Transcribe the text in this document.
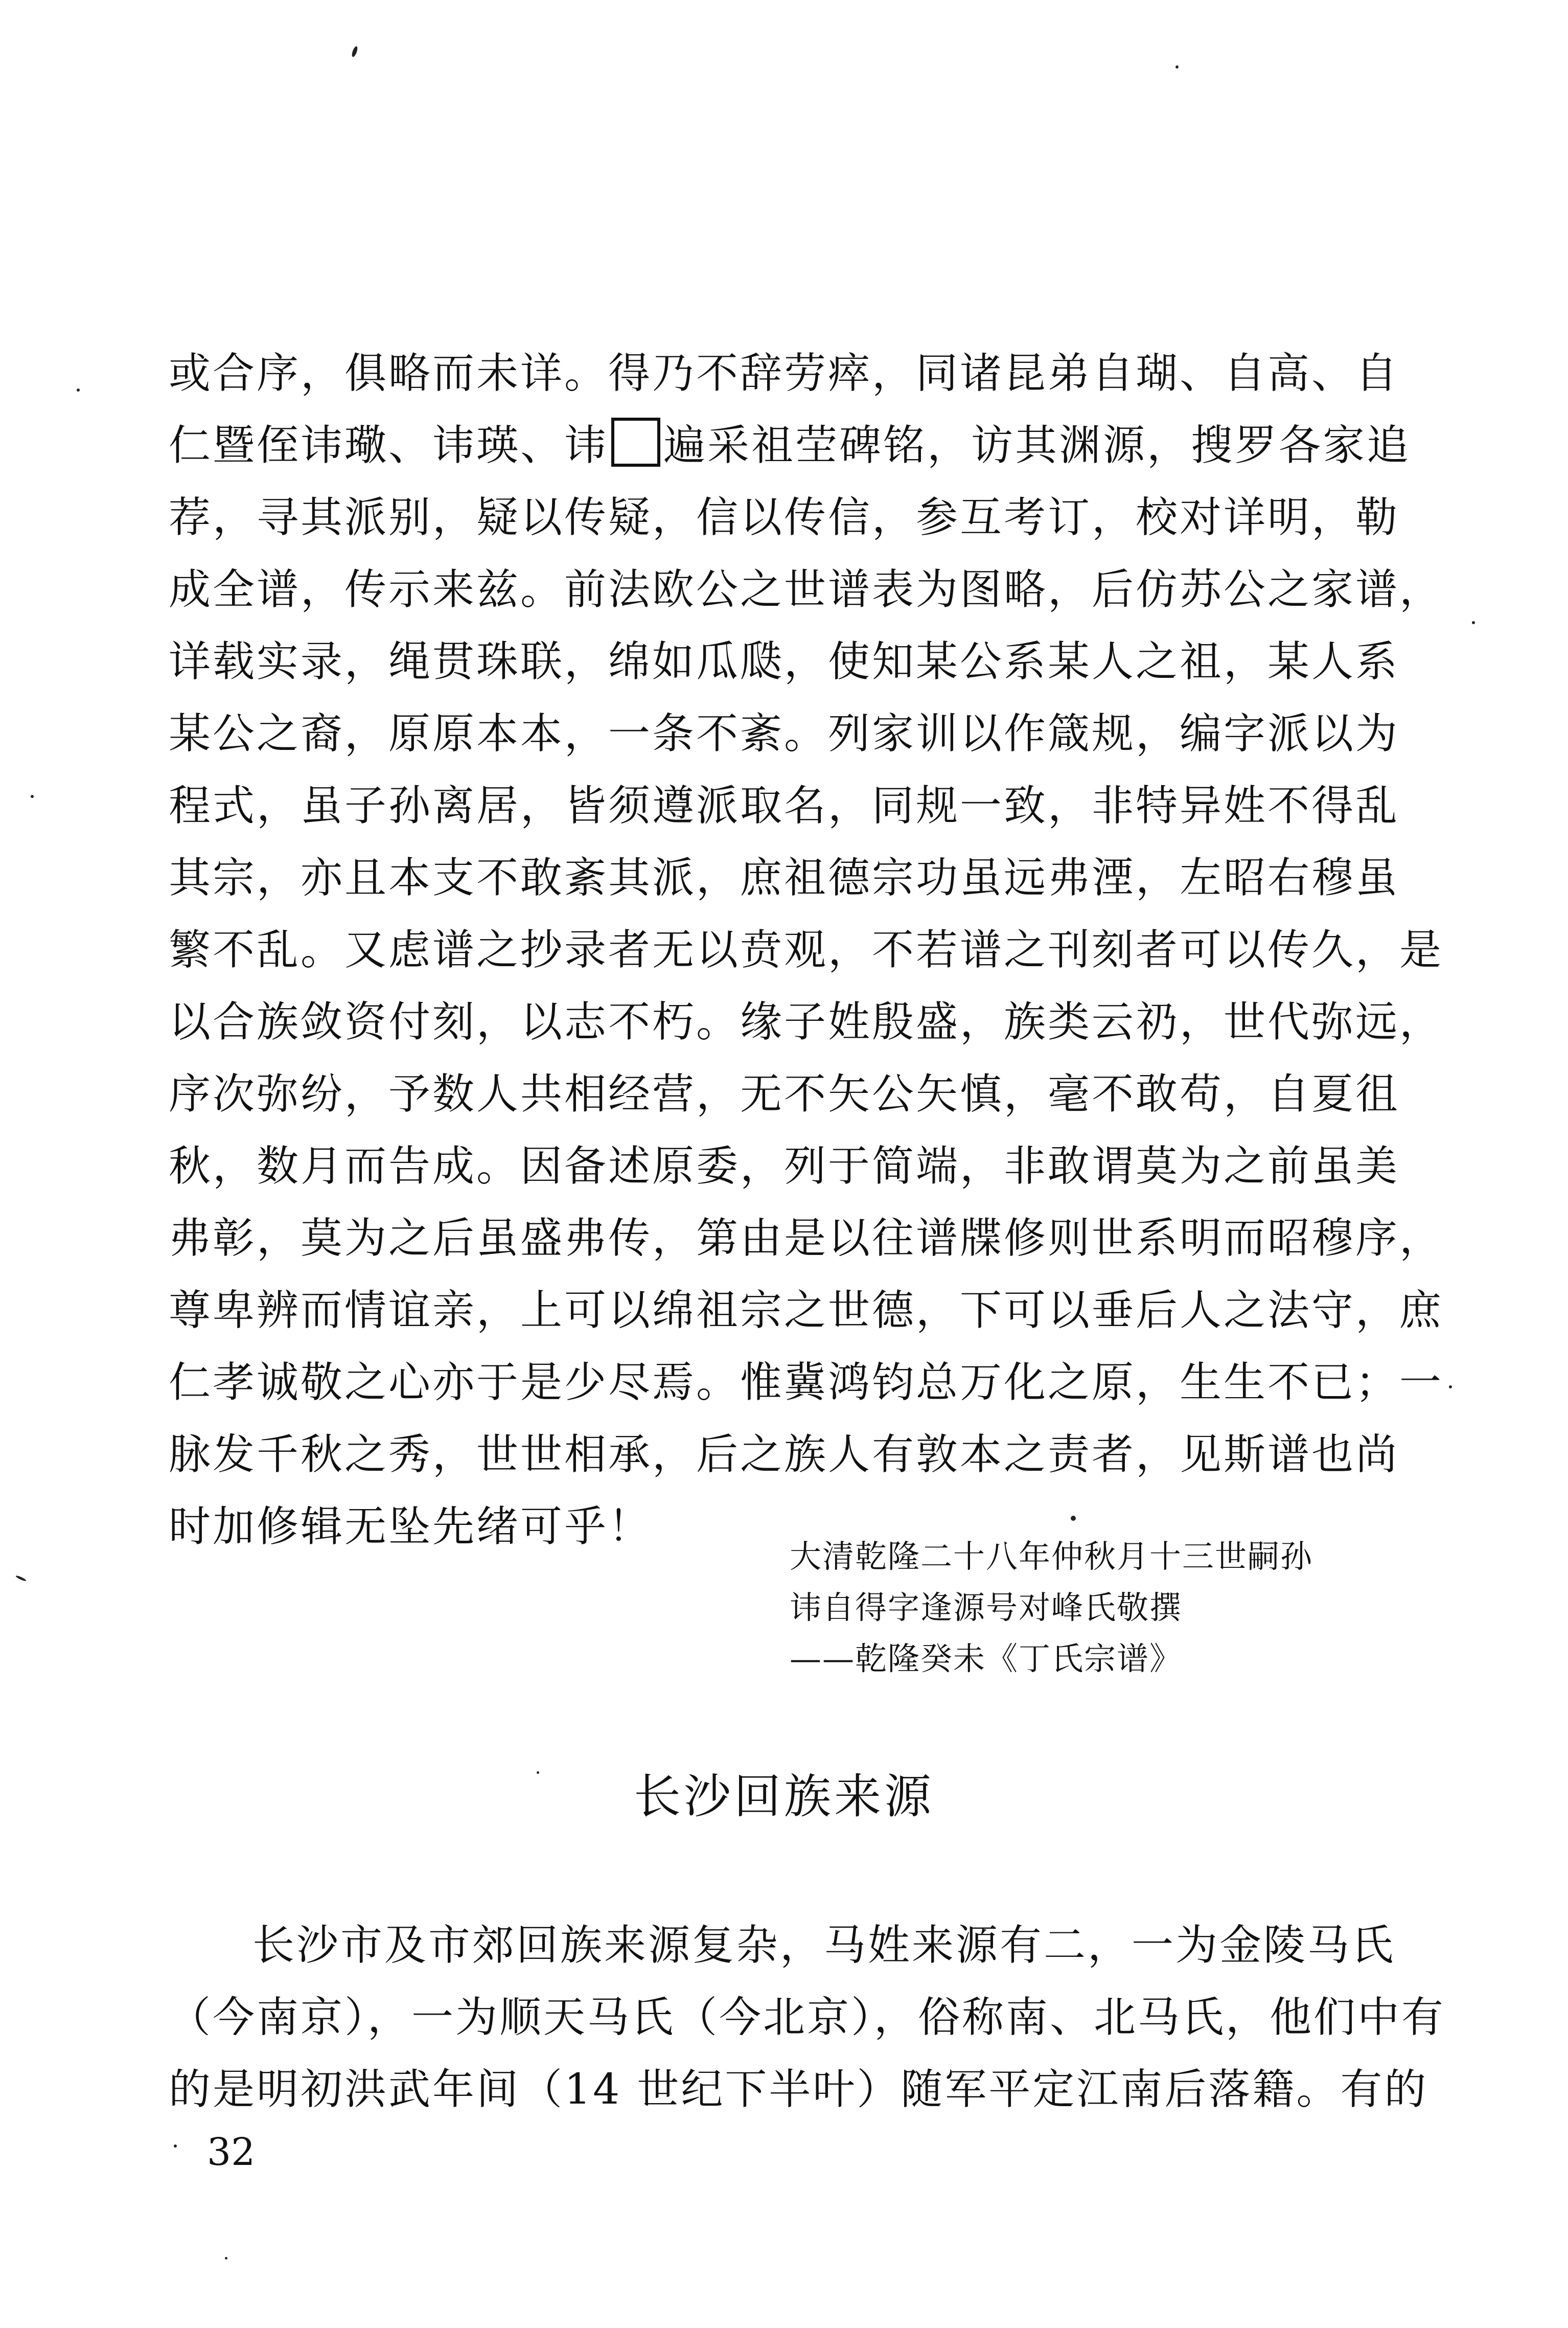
或合序，俱略而未详。得乃不辞劳瘁，同诸昆弟自瑚、自高、自
仁暨侄讳璥、讳瑛、讳 遍采祖茔碑铭，访其渊源，搜罗各家追
荐，寻其派别，疑以传疑，信以传信，参互考订，校对详明，勒
成全谱，传示来兹。前法欧公之世谱表为图略，后仿苏公之家谱，
详载实录，绳贯珠联，绵如瓜瓞，使知某公系某人之祖，某人系
某公之裔，原原本本，一条不紊。列家训以作箴规，编字派以为
程式，虽子孙离居，皆须遵派取名，同规一致，非特异姓不得乱
其宗，亦且本支不敢紊其派，庶祖德宗功虽远弗湮，左昭右穆虽
繁不乱。又虑谱之抄录者无以贲观，不若谱之刊刻者可以传久，是
以合族敛资付刻，以志不朽。缘子姓殷盛，族类云礽，世代弥远，
序次弥纷，予数人共相经营，无不矢公矢慎，毫不敢苟，自夏徂
秋，数月而告成。因备述原委，列于简端，非敢谓莫为之前虽美
弗彰，莫为之后虽盛弗传，第由是以往谱牒修则世系明而昭穆序，
尊卑辨而情谊亲，上可以绵祖宗之世德，下可以垂后人之法守，庶
仁孝诚敬之心亦于是少尽焉。惟冀鸿钧总万化之原，生生不已；一
脉发千秋之秀，世世相承，后之族人有敦本之责者，见斯谱也尚
时加修辑无坠先绪可乎！
大清乾隆二十八年仲秋月十三世嗣孙
讳自得字逢源号对峰氏敬撰
——乾隆癸未《丁氏宗谱》
长沙回族来源
长沙市及市郊回族来源复杂，马姓来源有二，一为金陵马氏
（今南京），一为顺天马氏（今北京），俗称南、北马氏，他们中有
的是明初洪武年间（14 世纪下半叶）随军平定江南后落籍。有的
32
